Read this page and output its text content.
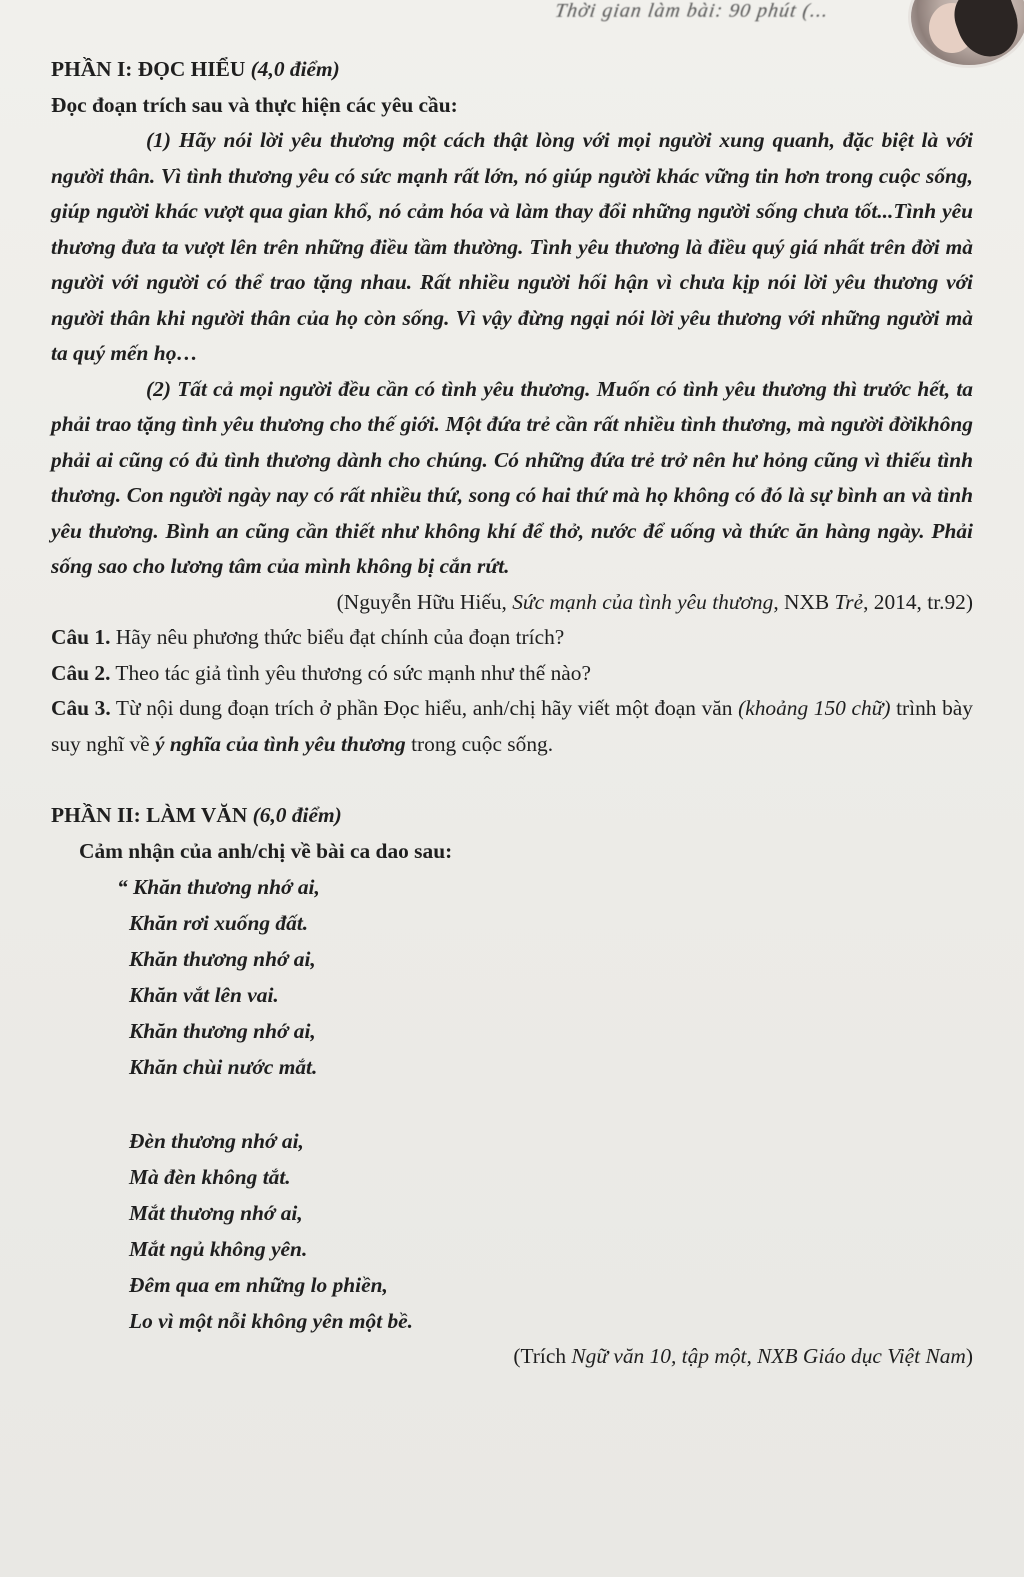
Thời gian làm bài: 90 phút (...

PHẦN I: ĐỌC HIỂU (4,0 điểm)

Đọc đoạn trích sau và thực hiện các yêu cầu:

(1) Hãy nói lời yêu thương một cách thật lòng với mọi người xung quanh, đặc biệt là với người thân. Vì tình thương yêu có sức mạnh rất lớn, nó giúp người khác vững tin hơn trong cuộc sống, giúp người khác vượt qua gian khổ, nó cảm hóa và làm thay đổi những người sống chưa tốt...Tình yêu thương đưa ta vượt lên trên những điều tầm thường. Tình yêu thương là điều quý giá nhất trên đời mà người với người có thể trao tặng nhau. Rất nhiều người hối hận vì chưa kịp nói lời yêu thương với người thân khi người thân của họ còn sống. Vì vậy đừng ngại nói lời yêu thương với những người mà ta quý mến họ…

(2) Tất cả mọi người đều cần có tình yêu thương. Muốn có tình yêu thương thì trước hết, ta phải trao tặng tình yêu thương cho thế giới. Một đứa trẻ cần rất nhiều tình thương, mà người đờikhông phải ai cũng có đủ tình thương dành cho chúng. Có những đứa trẻ trở nên hư hỏng cũng vì thiếu tình thương. Con người ngày nay có rất nhiều thứ, song có hai thứ mà họ không có đó là sự bình an và tình yêu thương. Bình an cũng cần thiết như không khí để thở, nước để uống và thức ăn hàng ngày. Phải sống sao cho lương tâm của mình không bị cắn rứt.

(Nguyễn Hữu Hiếu, Sức mạnh của tình yêu thương, NXB Trẻ, 2014, tr.92)

Câu 1. Hãy nêu phương thức biểu đạt chính của đoạn trích?

Câu 2. Theo tác giả tình yêu thương có sức mạnh như thế nào?

Câu 3. Từ nội dung đoạn trích ở phần Đọc hiểu, anh/chị hãy viết một đoạn văn (khoảng 150 chữ) trình bày suy nghĩ về ý nghĩa của tình yêu thương trong cuộc sống.

PHẦN II: LÀM VĂN (6,0 điểm)

Cảm nhận của anh/chị về bài ca dao sau:

“ Khăn thương nhớ ai,
Khăn rơi xuống đất.
Khăn thương nhớ ai,
Khăn vắt lên vai.
Khăn thương nhớ ai,
Khăn chùi nước mắt.
Đèn thương nhớ ai,
Mà đèn không tắt.
Mắt thương nhớ ai,
Mắt ngủ không yên.
Đêm qua em những lo phiền,
Lo vì một nỗi không yên một bề.

(Trích Ngữ văn 10, tập một, NXB Giáo dục Việt Nam)
